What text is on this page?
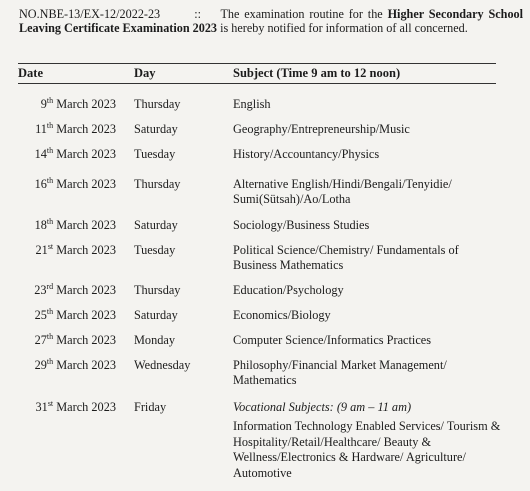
NO.NBE-13/EX-12/2022-23	:: The examination routine for the Higher Secondary School Leaving Certificate Examination 2023 is hereby notified for information of all concerned.
Date	Day	Subject (Time 9 am to 12 noon)
9th March 2023 Thursday	English
11th March 2023 Saturday	Geography/Entrepreneurship/Music
14th March 2023 Tuesday	History/Accountancy/Physics
16th March 2023 Thursday	Alternative English/Hindi/Bengali/Tenyidie/ Sumi(Sütsah)/Ao/Lotha
18th March 2023 Saturday	Sociology/Business Studies
21st March 2023 Tuesday	Political Science/Chemistry/ Fundamentals of Business Mathematics
23rd March 2023 Thursday	Education/Psychology
25th March 2023 Saturday	Economics/Biology
27th March 2023 Monday	Computer Science/Informatics Practices
29th March 2023 Wednesday	Philosophy/Financial Market Management/ Mathematics
31st March 2023 Friday	Vocational Subjects: (9 am – 11 am)
Information Technology Enabled Services/ Tourism & Hospitality/Retail/Healthcare/ Beauty & Wellness/Electronics & Hardware/ Agriculture/ Automotive
